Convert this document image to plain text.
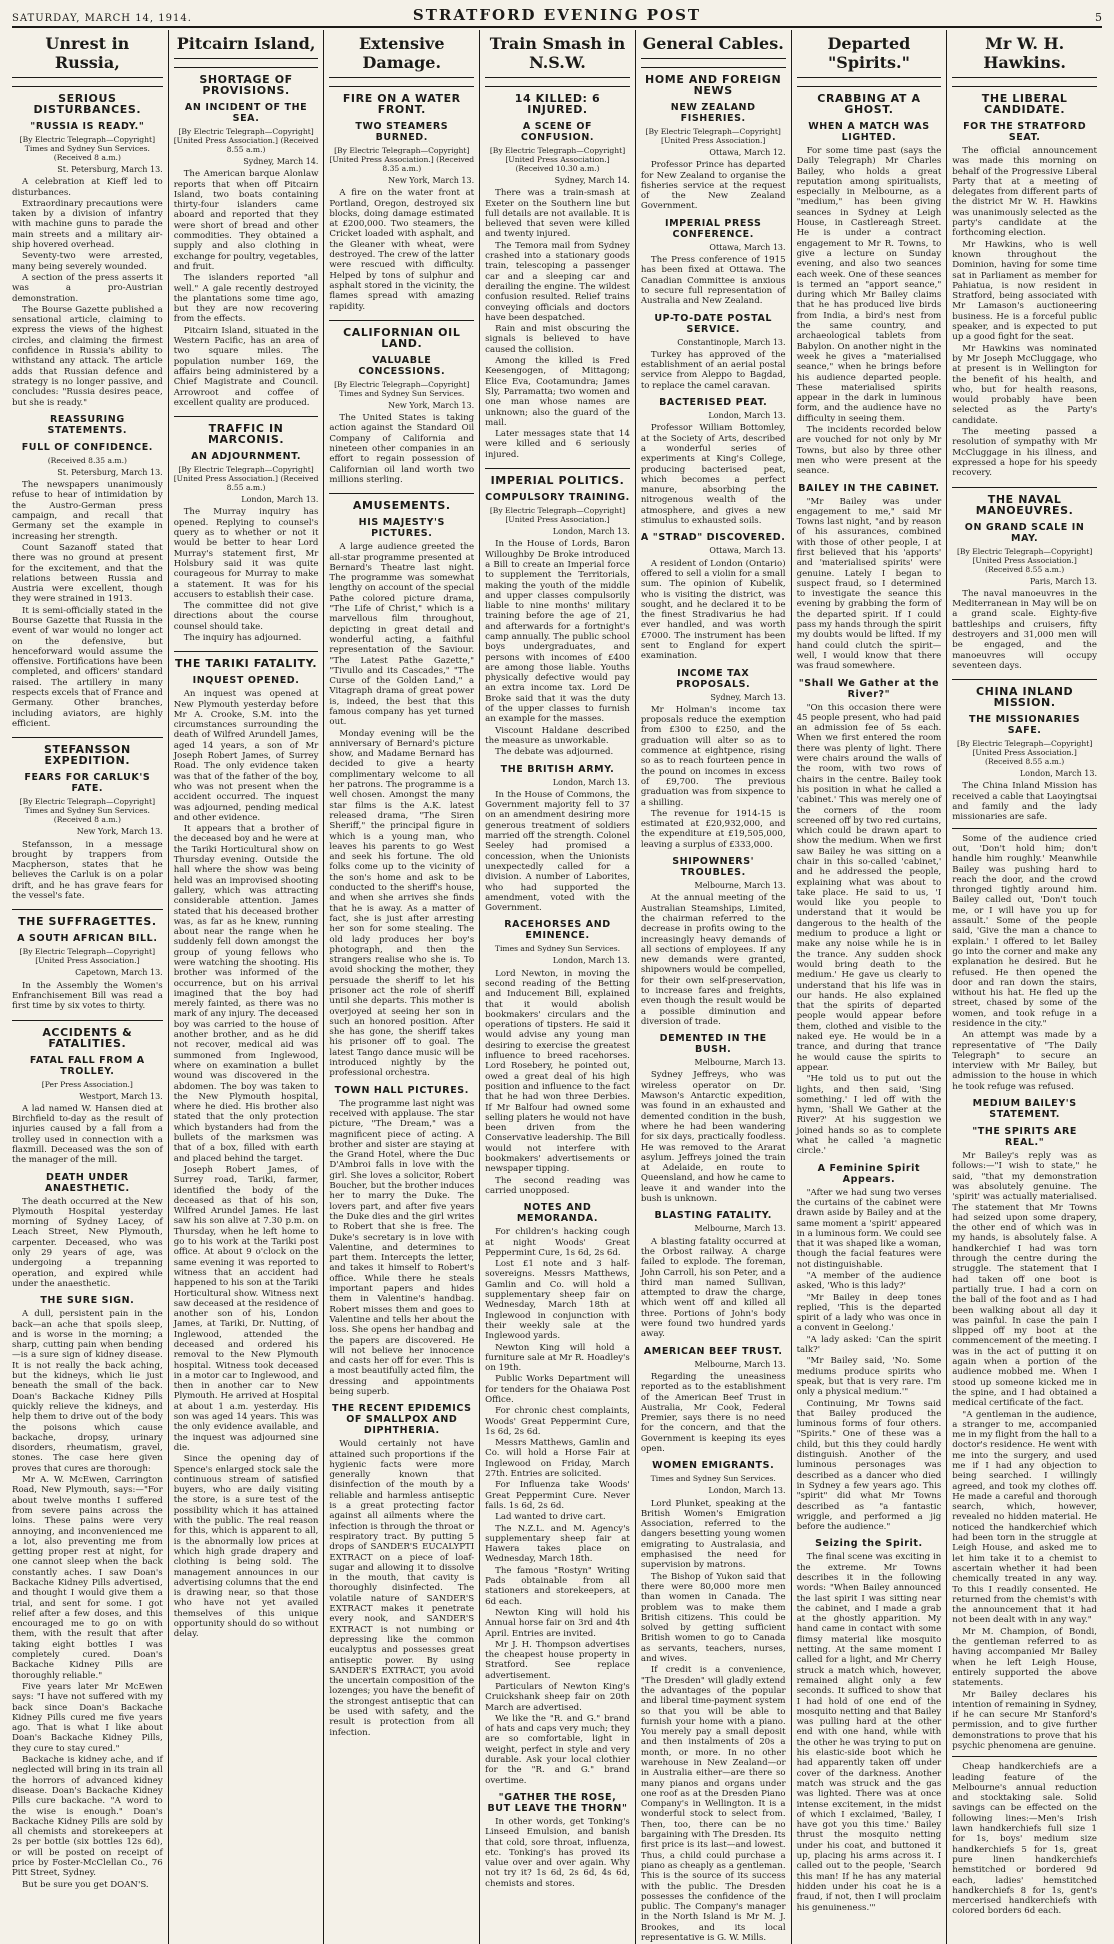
SATURDAY, MARCH 14, 1914.	STRATFORD EVENING POST	5
Unrest in Russia,
SERIOUS DISTURBANCES.
"RUSSIA IS READY."
[By Electric Telegraph—Copyright] Times and Sydney Sun Services. (Received 8 a.m.)
St. Petersburg, March 13.
A celebration at Kieff led to disturbances.
Extraordinary precautions were taken by a division of infantry with machine guns to parade the main streets and a military air-ship hovered overhead.
Seventy-two were arrested, many being severely wounded.
A section of the press asserts it was a pro-Austrian demonstration.
The Bourse Gazette published a sensational article, claiming to express the views of the highest circles, and claiming the firmest confidence in Russia's ability to withstand any attack. The article adds that Russian defence and strategy is no longer passive, and concludes: "Russia desires peace, but she is ready."
REASSURING STATEMENTS.
FULL OF CONFIDENCE.
(Received 8.35 a.m.)
St. Petersburg, March 13.
The newspapers unanimously refuse to hear of intimidation by the Austro-German press campaign, and recall that Germany set the example in increasing her strength.
Count Sazanoff stated that there was no ground at present for the excitement, and that the relations between Russia and Austria were excellent, though they were strained in 1913.
It is semi-officially stated in the Bourse Gazette that Russia in the event of war would no longer act on the defensive, but henceforward would assume the offensive. Fortifications have been completed, and officers' standard raised. The artillery in many respects excels that of France and Germany. Other branches, including aviators, are highly efficient.
STEFANSSON EXPEDITION.
FEARS FOR CARLUK'S FATE.
[By Electric Telegraph—Copyright] Times and Sydney Sun Services. (Received 8 a.m.)
New York, March 13.
Stefansson, in a message brought by trappers from Macpherson, states that he believes the Carluk is on a polar drift, and he has grave fears for the vessel's fate.
THE SUFFRAGETTES.
A SOUTH AFRICAN BILL.
[By Electric Telegraph—Copyright] [United Press Association.]
Capetown, March 13.
In the Assembly the Women's Enfranchisement Bill was read a first time by six votes to thirty.
ACCIDENTS & FATALITIES.
FATAL FALL FROM A TROLLEY.
[Per Press Association.]
Westport, March 13.
A lad named W. Hansen died at Birchfield to-day as the result of injuries caused by a fall from a trolley used in connection with a flaxmill. Deceased was the son of the manager of the mill.
DEATH UNDER ANAESTHETIC.
The death occurred at the New Plymouth Hospital yesterday morning of Sydney Lacey, of Leach Street, New Plymouth, carpenter. Deceased, who was only 29 years of age, was undergoing a trepanning operation, and expired while under the anaesthetic.
THE SURE SIGN.
A dull, persistent pain in the back—an ache that spoils sleep, and is worse in the morning; a sharp, cutting pain when bending—is a sure sign of kidney disease. It is not really the back aching, but the kidneys, which lie just beneath the small of the back. Doan's Backache Kidney Pills quickly relieve the kidneys, and help them to drive out of the body the poisons which cause backache, dropsy, urinary disorders, rheumatism, gravel, stones. The case here given proves that cures are thorough:
Mr A. W. McEwen, Carrington Road, New Plymouth, says:—"For about twelve months I suffered from severe pains across the loins. These pains were very annoying, and inconvenienced me a lot, also preventing me from getting proper rest at night, for one cannot sleep when the back constantly aches. I saw Doan's Backache Kidney Pills advertised, and thought I would give them a trial, and sent for some. I got relief after a few doses, and this encouraged me to go on with them, with the result that after taking eight bottles I was completely cured. Doan's Backache Kidney Pills are thoroughly reliable."
Five years later Mr McEwen says: "I have not suffered with my back since Doan's Backache Kidney Pills cured me five years ago. That is what I like about Doan's Backache Kidney Pills, they cure to stay cured."
Backache is kidney ache, and if neglected will bring in its train all the horrors of advanced kidney disease. Doan's Backache Kidney Pills cure backache. "A word to the wise is enough." Doan's Backache Kidney Pills are sold by all chemists and storekeepers at 2s per bottle (six bottles 12s 6d), or will be posted on receipt of price by Foster-McClellan Co., 76 Pitt Street, Sydney.
But be sure you get DOAN'S.
Pitcairn Island,
SHORTAGE OF PROVISIONS.
AN INCIDENT OF THE SEA.
[By Electric Telegraph—Copyright] [United Press Association.] (Received 8.55 a.m.)
Sydney, March 14.
The American barque Alonlaw reports that when off Pitcairn Island, two boats containing thirty-four islanders came aboard and reported that they were short of bread and other commodities. They obtained a supply and also clothing in exchange for poultry, vegetables, and fruit.
The islanders reported "all well." A gale recently destroyed the plantations some time ago, but they are now recovering from the effects.
Pitcairn Island, situated in the Western Pacific, has an area of two square miles. The population number 169, the affairs being administered by a Chief Magistrate and Council. Arrowroot and coffee of excellent quality are produced.
TRAFFIC IN MARCONIS.
AN ADJOURNMENT.
[By Electric Telegraph—Copyright] [United Press Association.] (Received 8.55 a.m.)
London, March 13.
The Murray inquiry has opened. Replying to counsel's query as to whether or not it would be better to hear Lord Murray's statement first, Mr Holsbury said it was quite courageous for Murray to make a statement. It was for his accusers to establish their case.
The committee did not give directions about the course counsel should take.
The inquiry has adjourned.
THE TARIKI FATALITY.
INQUEST OPENED.
An inquest was opened at New Plymouth yesterday before Mr A. Crooke, S.M. into the circumstances surrounding the death of Wilfred Arundell James, aged 14 years, a son of Mr Joseph Robert James, of Surrey Road. The only evidence taken was that of the father of the boy, who was not present when the accident occurred. The inquest was adjourned, pending medical and other evidence.
It appears that a brother of the deceased boy and he were at the Tariki Horticultural show on Thursday evening. Outside the hall where the show was being held was an improvised shooting gallery, which was attracting considerable attention. James stated that his deceased brother was, as far as he knew, running about near the range when he suddenly fell down amongst the group of young fellows who were watching the shooting. His brother was informed of the occurrence, but on his arrival imagined that the boy had merely fainted, as there was no mark of any injury. The deceased boy was carried to the house of another brother, and as he did not recover, medical aid was summoned from Inglewood, where on examination a bullet wound was discovered in the abdomen. The boy was taken to the New Plymouth hospital, where he died. His brother also stated that the only protection which bystanders had from the bullets of the marksmen was that of a box, filled with earth and placed behind the target.
Joseph Robert James, of Surrey road, Tariki, farmer, identified the body of the deceased as that of his son, Wilfred Arundel James. He last saw his son alive at 7.30 p.m. on Thursday, when he left home to go to his work at the Tariki post office. At about 9 o'clock on the same evening it was reported to witness that an accident had happened to his son at the Tariki Horticultural show. Witness next saw deceased at the residence of another son of his, London James, at Tariki, Dr. Nutting, of Inglewood, attended the deceased and ordered his removal to the New Plymouth hospital. Witness took deceased in a motor car to Inglewood, and then in another car to New Plymouth. He arrived at Hospital at about 1 a.m. yesterday. His son was aged 14 years. This was the only evidence available, and the inquest was adjourned sine die.
Since the opening day of Spence's enlarged stock sale the continuous stream of satisfied buyers, who are daily visiting the store, is a sure test of the possibility which it has attained with the public. The real reason for this, which is apparent to all, is the abnormally low prices at which high grade drapery and clothing is being sold. The management announces in our advertising columns that the end is drawing near, so that those who have not yet availed themselves of this unique opportunity should do so without delay.
Extensive Damage.
FIRE ON A WATER FRONT.
TWO STEAMERS BURNED.
[By Electric Telegraph—Copyright] [United Press Association.] (Received 8.35 a.m.)
New York, March 13.
A fire on the water front at Portland, Oregon, destroyed six blocks, doing damage estimated at £200,000. Two steamers, the Cricket loaded with asphalt, and the Gleaner with wheat, were destroyed. The crew of the latter were rescued with difficulty. Helped by tons of sulphur and asphalt stored in the vicinity, the flames spread with amazing rapidity.
CALIFORNIAN OIL LAND.
VALUABLE CONCESSIONS.
[By Electric Telegraph—Copyright] Times and Sydney Sun Services.
New York, March 13.
The United States is taking action against the Standard Oil Company of California and nineteen other companies in an effort to regain possession of Californian oil land worth two millions sterling.
AMUSEMENTS.
HIS MAJESTY'S PICTURES.
A large audience greeted the all-star programme presented at Bernard's Theatre last night. The programme was somewhat lengthy on account of the special Pathe colored picture drama, "The Life of Christ," which is a marvellous film throughout, depicting in great detail and wonderful acting, a faithful representation of the Saviour. "The Latest Pathe Gazette," "Tivullo and its Cascades," "The Curse of the Golden Land," a Vitagraph drama of great power is, indeed, the best that this famous company has yet turned out.
Monday evening will be the anniversary of Bernard's picture show, and Madame Bernard has decided to give a hearty complimentary welcome to all her patrons. The programme is a well chosen. Amongst the many star films is the A.K. latest released drama, "The Siren Sheriff," the principal figure in which is a young man, who leaves his parents to go West and seek his fortune. The old folks come up to the vicinity of the son's home and ask to be conducted to the sheriff's house, and when she arrives she finds that he is away. As a matter of fact, she is just after arresting her son for some stealing. The old lady produces her boy's photograph, and then the strangers realise who she is. To avoid shocking the mother, they persuade the sheriff to let his prisoner act the role of sheriff until she departs. This mother is overjoyed at seeing her son in such an honored position. After she has gone, the sheriff takes his prisoner off to goal. The latest Tango dance music will be introduced nightly by the professional orchestra.
TOWN HALL PICTURES.
The programme last night was received with applause. The star picture, "The Dream," was a magnificent piece of acting. A brother and sister are staying at the Grand Hotel, where the Duc D'Ambroi falls in love with the girl. She loves a solicitor, Robert Boucher, but the brother induces her to marry the Duke. The lovers part, and after five years the Duke dies and the girl writes to Robert that she is free. The Duke's secretary is in love with Valentine, and determines to part them. Intercepts the letter, and takes it himself to Robert's office. While there he steals important papers and hides them in Valentine's handbag. Robert misses them and goes to Valentine and tells her about the loss. She opens her handbag and the papers are discovered. He will not believe her innocence and casts her off for ever. This is a most beautifully acted film, the dressing and appointments being superb.
THE RECENT EPIDEMICS OF SMALLPOX AND DIPHTHERIA.
Would certainly not have attained such proportions if the hygienic facts were more generally known that disinfection of the mouth by a reliable and harmless antiseptic is a great protecting factor against all ailments where the infection is through the throat or respiratory tract. By putting 5 drops of SANDER'S EUCALYPTI EXTRACT on a piece of loaf-sugar and allowing it to dissolve in the mouth, that cavity is thoroughly disinfected. The volatile nature of SANDER'S EXTRACT makes it penetrate every nook, and SANDER'S EXTRACT is not numbing or depressing like the common eucalyptus and possesses great antiseptic power. By using SANDER'S EXTRACT, you avoid the uncertain composition of the lozenges; you have the benefit of the strongest antiseptic that can be used with safety, and the result is protection from all infection.
Train Smash in N.S.W.
14 KILLED: 6 INJURED.
A SCENE OF CONFUSION.
[By Electric Telegraph—Copyright] [United Press Association.] (Received 10.30 a.m.)
Sydney, March 14.
There was a train-smash at Exeter on the Southern line but full details are not available. It is believed that seven were killed and twenty injured.
The Temora mail from Sydney crashed into a stationary goods train, telescoping a passenger car and a sleeping car and derailing the engine. The wildest confusion resulted. Relief trains conveying officials and doctors have been despatched.
Rain and mist obscuring the signals is believed to have caused the collision.
Among the killed is Fred Keesengogen, of Mittagong; Elice Eva, Cootamundra; James Sly, Parramatta; two women and one man whose names are unknown; also the guard of the mail.
Later messages state that 14 were killed and 6 seriously injured.
IMPERIAL POLITICS.
COMPULSORY TRAINING.
[By Electric Telegraph—Copyright] [United Press Association.]
London, March 13.
In the House of Lords, Baron Willoughby De Broke introduced a Bill to create an Imperial force to supplement the Territorials, making the youth of the middle and upper classes compulsorily liable to nine months' military training before the age of 21, and afterwards for a fortnight's camp annually. The public school boys undergraduates, and persons with incomes of £400 are among those liable. Youths physically defective would pay an extra income tax. Lord De Broke said that it was the duty of the upper classes to furnish an example for the masses.
Viscount Haldane described the measure as unworkable.
The debate was adjourned.
THE BRITISH ARMY.
London, March 13.
In the House of Commons, the Government majority fell to 37 on an amendment desiring more generous treatment of soldiers married off the strength. Colonel Seeley had promised a concession, when the Unionists unexpectedly called for a division. A number of Laborites, who had supported the amendment, voted with the Government.
RACEHORSES AND EMINENCE.
Times and Sydney Sun Services.
London, March 13.
Lord Newton, in moving the second reading of the Betting and Inducement Bill, explained that it would abolish bookmakers' circulars and the operations of tipsters. He said it would advise any young man desiring to exercise the greatest influence to breed racehorses. Lord Rosebery, he pointed out, owed a great deal of his high position and influence to the fact that he had won three Derbies. If Mr Balfour had owned some selling platers he would not have been driven from the Conservative leadership. The Bill would not interfere with bookmakers' advertisements or newspaper tipping.
The second reading was carried unopposed.
NOTES AND MEMORANDA.
For children's hacking cough at night Woods' Great Peppermint Cure, 1s 6d, 2s 6d.
Lost £1 note and 3 half-sovereigns. Messrs Matthews, Gamlin and Co. will hold a supplementary sheep fair on Wednesday, March 18th at Inglewood in conjunction with their weekly sale at the Inglewood yards.
Newton King will hold a furniture sale at Mr R. Hoadley's on 19th.
Public Works Department will for tenders for the Ohaiawa Post Office.
For chronic chest complaints, Woods' Great Peppermint Cure, 1s 6d, 2s 6d.
Messrs Matthews, Gamlin and Co. will hold a Horse Fair at Inglewood on Friday, March 27th. Entries are solicited.
For Influenza take Woods' Great Peppermint Cure. Never fails. 1s 6d, 2s 6d.
Lad wanted to drive cart.
The N.Z.L. and M. Agency's supplementary sheep fair at Hawera takes place on Wednesday, March 18th.
The famous "Rostyn" Writing Pads obtainable from all stationers and storekeepers, at 6d each.
Newton King will hold his Annual horse fair on 3rd and 4th April. Entries are invited.
Mr J. H. Thompson advertises the cheapest house property in Stratford. See replace advertisement.
Particulars of Newton King's Cruickshank sheep fair on 20th March are advertised.
We like the "R. and G." brand of hats and caps very much; they are so comfortable, light in weight, perfect in style and very durable. Ask your local clothier for the "R. and G." brand overtime.
"GATHER THE ROSE, BUT LEAVE THE THORN"
In other words, get Tonking's Linseed Emulsion, and banish that cold, sore throat, influenza, etc. Tonking's has proved its value over and over again. Why not try it? 1s 6d, 2s 6d, 4s 6d, chemists and stores.
General Cables.
HOME AND FOREIGN NEWS
NEW ZEALAND FISHERIES.
[By Electric Telegraph—Copyright] [United Press Association.]
Ottawa, March 12.
Professor Prince has departed for New Zealand to organise the fisheries service at the request of the New Zealand Government.
IMPERIAL PRESS CONFERENCE.
Ottawa, March 13.
The Press conference of 1915 has been fixed at Ottawa. The Canadian Committee is anxious to secure full representation of Australia and New Zealand.
UP-TO-DATE POSTAL SERVICE.
Constantinople, March 13.
Turkey has approved of the establishment of an aerial postal service from Aleppo to Bagdad, to replace the camel caravan.
BACTERISED PEAT.
London, March 13.
Professor William Bottomley, at the Society of Arts, described a wonderful series of experiments at King's College, producing bacterised peat, which becomes a perfect manure, absorbing the nitrogenous wealth of the atmosphere, and gives a new stimulus to exhausted soils.
A "STRAD" DISCOVERED.
Ottawa, March 13.
A resident of London (Ontario) offered to sell a violin for a small sum. The opinion of Kubelik, who is visiting the district, was sought, and he declared it to be the finest Stradivarius he had ever handled, and was worth £7000. The instrument has been sent to England for expert examination.
INCOME TAX PROPOSALS.
Sydney, March 13.
Mr Holman's income tax proposals reduce the exemption from £300 to £250, and the graduation will alter so as to commence at eightpence, rising so as to reach fourteen pence in the pound on incomes in excess of £9,700. The previous graduation was from sixpence to a shilling.
The revenue for 1914-15 is estimated at £20,932,000, and the expenditure at £19,505,000, leaving a surplus of £333,000.
SHIPOWNERS' TROUBLES.
Melbourne, March 13.
At the annual meeting of the Australian Steamships, Limited, the chairman referred to the decrease in profits owing to the increasingly heavy demands of all sections of employees. If any new demands were granted, shipowners would be compelled, for their own self-preservation, to increase fares and freights, even though the result would be a possible diminution and diversion of trade.
DEMENTED IN THE BUSH.
Melbourne, March 13.
Sydney Jeffreys, who was wireless operator on Dr. Mawson's Antarctic expedition, was found in an exhausted and demented condition in the bush, where he had been wandering for six days, practically foodless. He was removed to the Ararat asylum. Jeffreys joined the train at Adelaide, en route to Queensland, and how he came to leave it and wander into the bush is unknown.
BLASTING FATALITY.
Melbourne, March 13.
A blasting fatality occurred at the Orbost railway. A charge failed to explode. The foreman, John Carroll, his son Peter, and a third man named Sullivan, attempted to draw the charge, which went off and killed all three. Portions of John's body were found two hundred yards away.
AMERICAN BEEF TRUST.
Melbourne, March 13.
Regarding the uneasiness reported as to the establishment of the American Beef Trust in Australia, Mr Cook, Federal Premier, says there is no need for the concern, and that the Government is keeping its eyes open.
WOMEN EMIGRANTS.
Times and Sydney Sun Services.
London, March 13.
Lord Plunket, speaking at the British Women's Emigration Association, referred to the dangers besetting young women emigrating to Australasia, and emphasised the need for supervision by matrons.
The Bishop of Yukon said that there were 80,000 more men than women in Canada. The problem was to make them British citizens. This could be solved by getting sufficient British women to go to Canada as servants, teachers, nurses, and wives.
If credit is a convenience, "The Dresden" will gladly extend the advantages of the popular and liberal time-payment system so that you will be able to furnish your home with a piano. You merely pay a small deposit and then instalments of 20s a month, or more. In no other warehouse in New Zealand—or in Australia either—are there so many pianos and organs under one roof as at the Dresden Piano Company's in Wellington. It is a wonderful stock to select from. Then, too, there can be no bargaining with The Dresden. Its first price is its last—and lowest. Thus, a child could purchase a piano as cheaply as a gentleman. This is the source of its success with the public. The Dresden possesses the confidence of the public. The Company's manager in the North Island is Mr M. J. Brookes, and its local representative is G. W. Mills.
Departed "Spirits."
CRABBING AT A GHOST.
WHEN A MATCH WAS LIGHTED.
For some time past (says the Daily Telegraph) Mr Charles Bailey, who holds a great reputation among spiritualists, especially in Melbourne, as a "medium," has been giving seances in Sydney at Leigh House, in Castlereagh Street. He is under a contract engagement to Mr R. Towns, to give a lecture on Sunday evening, and also two seances each week. One of these seances is termed an "apport seance," during which Mr Bailey claims that he has produced live birds from India, a bird's nest from the same country, and archaeological tablets from Babylon. On another night in the week he gives a "materialised seance," when he brings before his audience departed people. These materialised spirits appear in the dark in luminous form, and the audience have no difficulty in seeing them.
The incidents recorded below are vouched for not only by Mr Towns, but also by three other men who were present at the seance.
BAILEY IN THE CABINET.
"Mr Bailey was under engagement to me," said Mr Towns last night, "and by reason of his assurances, combined with those of other people, I at first believed that his 'apports' and 'materialised spirits' were genuine. Lately I began to suspect fraud, so I determined to investigate the seance this evening by grabbing the form of the departed spirit. If I could pass my hands through the spirit my doubts would be lifted. If my hand could clutch the spirit—well, I would know that there was fraud somewhere.
"Shall We Gather at the River?"
"On this occasion there were 45 people present, who had paid an admission fee of 5s each. When we first entered the room there was plenty of light. There were chairs around the walls of the room, with two rows of chairs in the centre. Bailey took his position in what he called a 'cabinet.' This was merely one of the corners of the room screened off by two red curtains, which could be drawn apart to show the medium. When we first saw Bailey he was sitting on a chair in this so-called 'cabinet,' and he addressed the people, explaining what was about to take place. He said to us, 'I would like you people to understand that it would be dangerous to the health of the medium to produce a light or make any noise while he is in the trance. Any sudden shock would bring death to the medium.' He gave us clearly to understand that his life was in our hands. He also explained that the spirits of departed people would appear before them, clothed and visible to the naked eye. He would be in a trance, and during that trance he would cause the spirits to appear.
"He told us to put out the lights, and then said, 'Sing something.' I led off with the hymn, 'Shall We Gather at the River?' At his suggestion we joined hands so as to complete what he called 'a magnetic circle.'
A Feminine Spirit Appears.
"After we had sung two verses the curtains of the cabinet were drawn aside by Bailey and at the same moment a 'spirit' appeared in a luminous form. We could see that it was shaped like a woman, though the facial features were not distinguishable.
"A member of the audience asked, 'Who is this lady?'
"Mr Bailey in deep tones replied, 'This is the departed spirit of a lady who was once in a convent in Geelong.'
"A lady asked: 'Can the spirit talk?'
"Mr Bailey said, 'No. Some mediums produce spirits who speak, but that is very rare. I'm only a physical medium.'"
Continuing, Mr Towns said that Bailey produced the luminous forms of four others. "Spirits." One of these was a child, but this they could hardly distinguish. Another of the luminous personages was described as a dancer who died in Sydney a few years ago. This "spirit" did what Mr Towns described as "a fantastic wriggle, and performed a jig before the audience."
Seizing the Spirit.
The final scene was exciting in the extreme. Mr Towns describes it in the following words: "When Bailey announced the last spirit I was sitting near the cabinet, and I made a grab at the ghostly apparition. My hand came in contact with some flimsy material like mosquito netting. At the same moment I called for a light, and Mr Cherry struck a match which, however, remained alight only a few seconds. It sufficed to show that I had hold of one end of the mosquito netting and that Bailey was pulling hard at the other end with one hand, while with the other he was trying to put on his elastic-side boot which he had apparently taken off under cover of the darkness. Another match was struck and the gas was lighted. There was at once intense excitement, in the midst of which I exclaimed, 'Bailey, I have got you this time.' Bailey thrust the mosquito netting under his coat, and buttoned it up, placing his arms across it. I called out to the people, 'Search this man! If he has any material hidden under his coat he is a fraud, if not, then I will proclaim his genuineness.'"
Mr W. H. Hawkins.
THE LIBERAL CANDIDATE.
FOR THE STRATFORD SEAT.
The official announcement was made this morning on behalf of the Progressive Liberal Party that at a meeting of delegates from different parts of the district Mr W. H. Hawkins was unanimously selected as the party's candidate at the forthcoming election.
Mr Hawkins, who is well known throughout the Dominion, having for some time sat in Parliament as member for Pahiatua, is now resident in Stratford, being associated with Mr Lamason's auctioneering business. He is a forceful public speaker, and is expected to put up a good fight for the seat.
Mr Hawkins was nominated by Mr Joseph McCluggage, who at present is in Wellington for the benefit of his health, and who, but for health reasons, would probably have been selected as the Party's candidate.
The meeting passed a resolution of sympathy with Mr McCluggage in his illness, and expressed a hope for his speedy recovery.
THE NAVAL MANOEUVRES.
ON GRAND SCALE IN MAY.
[By Electric Telegraph—Copyright] [United Press Association.] (Received 8.55 a.m.)
Paris, March 13.
The naval manoeuvres in the Mediterranean in May will be on a grand scale. Eighty-five battleships and cruisers, fifty destroyers and 31,000 men will be engaged, and the manoeuvres will occupy seventeen days.
CHINA INLAND MISSION.
THE MISSIONARIES SAFE.
[By Electric Telegraph—Copyright] [United Press Association.] (Received 8.55 a.m.)
London, March 13.
The China Inland Mission has received a cable that Laoyingtsai and family and the lady missionaries are safe.
Some of the audience cried out, 'Don't hold him; don't handle him roughly.' Meanwhile Bailey was pushing hard to reach the door, and the crowd thronged tightly around him. Bailey called out, 'Don't touch me, or I will have you up for assault.' Some of the people said, 'Give the man a chance to explain.' I offered to let Bailey go into the corner and make any explanation he desired. But he refused. He then opened the door and ran down the stairs, without his hat. He fled up the street, chased by some of the women, and took refuge in a residence in the city."
An attempt was made by a representative of "The Daily Telegraph" to secure an interview with Mr Bailey, but admission to the house in which he took refuge was refused.
MEDIUM BAILEY'S STATEMENT.
"THE SPIRITS ARE REAL."
Mr Bailey's reply was as follows:—"I wish to state," he said, "that my demonstration was absolutely genuine. The 'spirit' was actually materialised. The statement that Mr Towns had seized upon some drapery, the other end of which was in my hands, is absolutely false. A handkerchief I had was torn through the centre during the struggle. The statement that I had taken off one boot is partially true. I had a corn on the ball of the foot and as I had been walking about all day it was painful. In case the pain I slipped off my boot at the commencement of the meeting. I was in the act of putting it on again when a portion of the audience mobbed me. When I stood up someone kicked me in the spine, and I had obtained a medical certificate of the fact.
"A gentleman in the audience, a stranger to me, accompanied me in my flight from the hall to a doctor's residence. He went with me into the surgery, and used me if I had any objection to being searched. I willingly agreed, and took my clothes off. He made a careful and thorough search, which, however, revealed no hidden material. He noticed the handkerchief which had been torn in the struggle at Leigh House, and asked me to let him take it to a chemist to ascertain whether it had been chemically treated in any way. To this I readily consented. He returned from the chemist's with the announcement that it had not been dealt with in any way."
Mr M. Champion, of Bondi, the gentleman referred to as having accompanied Mr Bailey when he left Leigh House, entirely supported the above statements.
Mr Bailey declares his intention of remaining in Sydney, if he can secure Mr Stanford's permission, and to give further demonstrations to prove that his psychic phenomena are genuine.
Cheap handkerchiefs are a leading feature of the Melbourne's annual reduction and stocktaking sale. Solid savings can be effected on the following lines:—Men's Irish lawn handkerchiefs full size 1 for 1s, boys' medium size handkerchiefs 5 for 1s, great pure linen handkerchiefs hemstitched or bordered 9d each, ladies' hemstitched handkerchiefs 8 for 1s, gent's mercerised handkerchiefs with colored borders 6d each.
